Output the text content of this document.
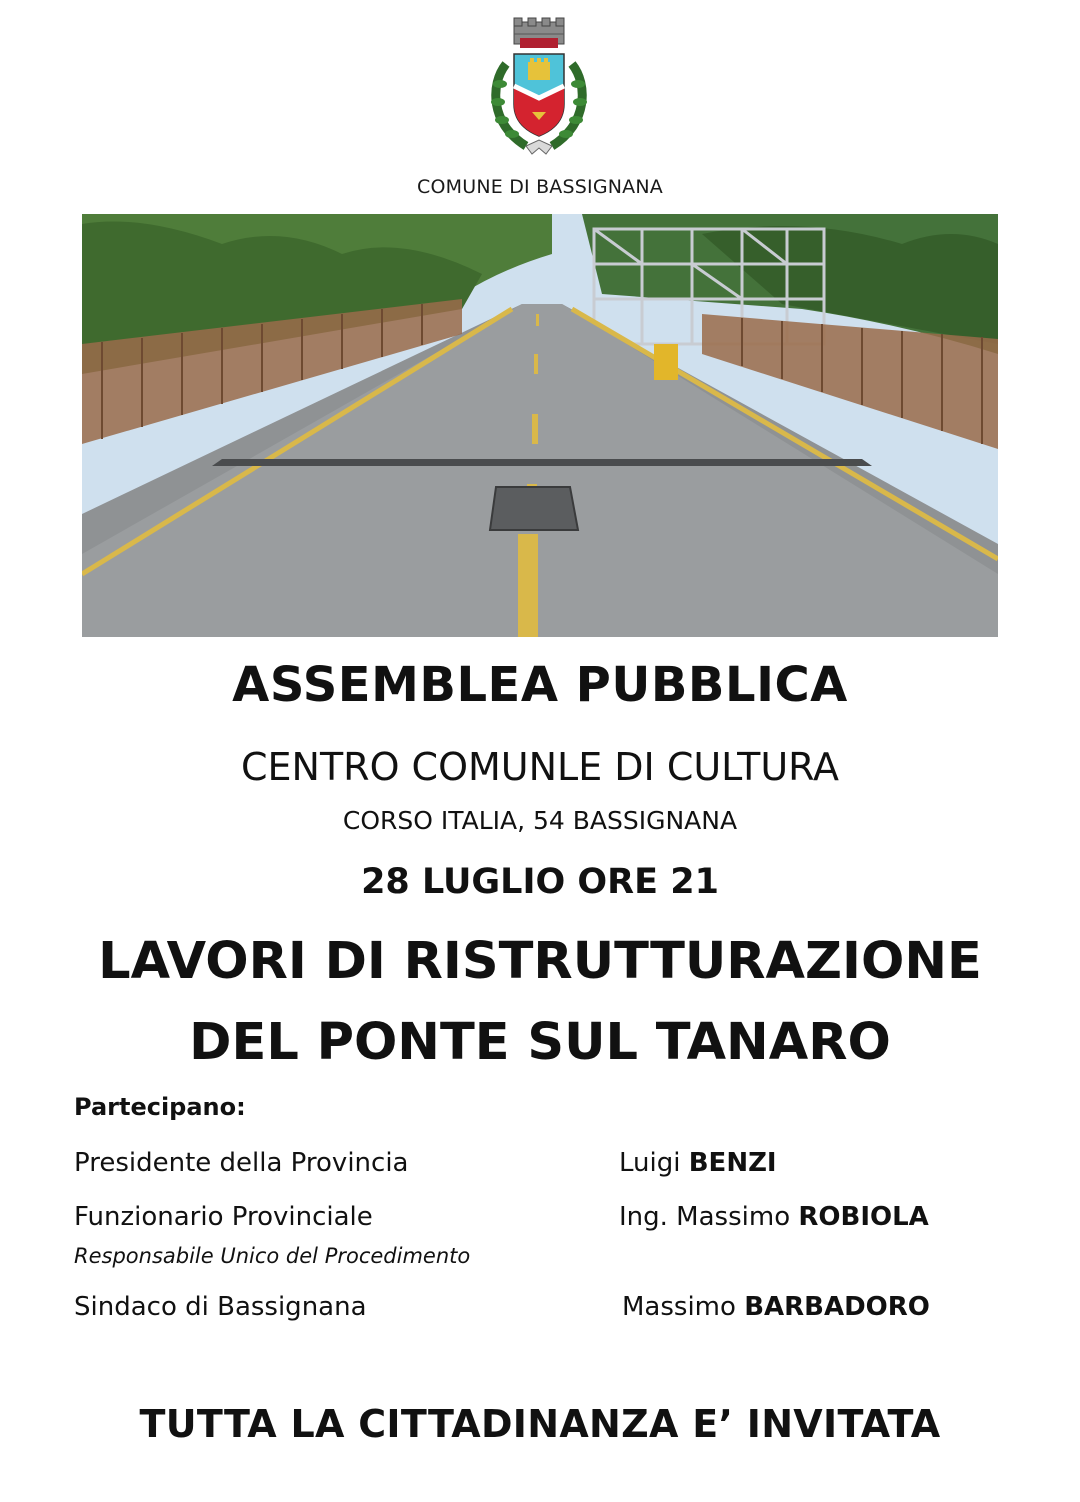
COMUNE DI BASSIGNANA
ASSEMBLEA PUBBLICA
CENTRO COMUNLE DI CULTURA
CORSO ITALIA, 54 BASSIGNANA
28 LUGLIO ORE 21
LAVORI DI RISTRUTTURAZIONE
DEL PONTE SUL TANARO
Partecipano:
Presidente della Provincia	Luigi BENZI
Funzionario Provinciale	Ing. Massimo ROBIOLA
Responsabile Unico del Procedimento
Sindaco di Bassignana	Massimo BARBADORO
TUTTA LA CITTADINANZA E’ INVITATA
